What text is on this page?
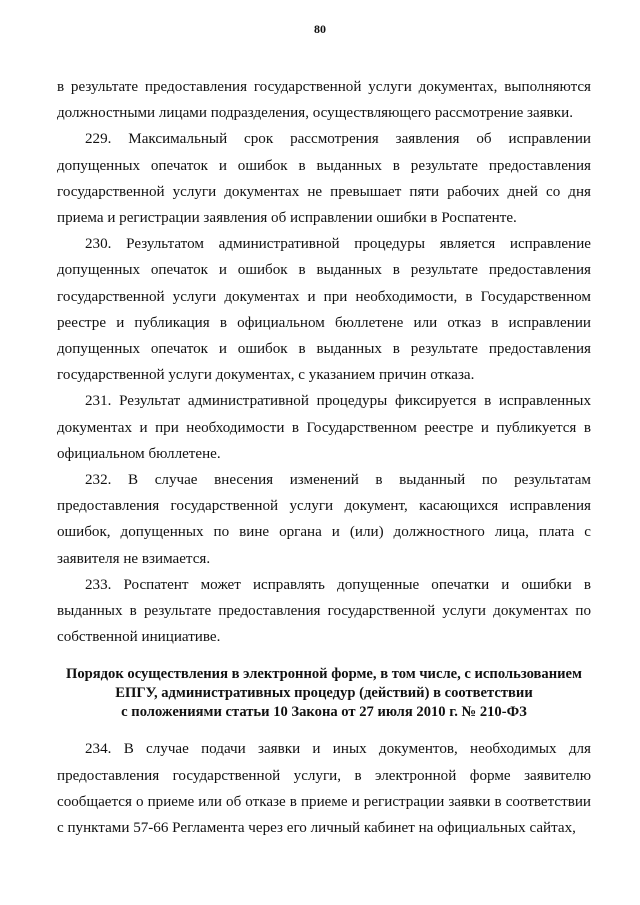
80

в результате предоставления государственной услуги документах, выполняются должностными лицами подразделения, осуществляющего рассмотрение заявки.

229. Максимальный срок рассмотрения заявления об исправлении допущенных опечаток и ошибок в выданных в результате предоставления государственной услуги документах не превышает пяти рабочих дней со дня приема и регистрации заявления об исправлении ошибки в Роспатенте.

230. Результатом административной процедуры является исправление допущенных опечаток и ошибок в выданных в результате предоставления государственной услуги документах и при необходимости, в Государственном реестре и публикация в официальном бюллетене или отказ в исправлении допущенных опечаток и ошибок в выданных в результате предоставления государственной услуги документах, с указанием причин отказа.

231. Результат административной процедуры фиксируется в исправленных документах и при необходимости в Государственном реестре и публикуется в официальном бюллетене.

232. В случае внесения изменений в выданный по результатам предоставления государственной услуги документ, касающихся исправления ошибок, допущенных по вине органа и (или) должностного лица, плата с заявителя не взимается.

233. Роспатент может исправлять допущенные опечатки и ошибки в выданных в результате предоставления государственной услуги документах по собственной инициативе.

Порядок осуществления в электронной форме, в том числе, с использованием
ЕПГУ, административных процедур (действий) в соответствии
с положениями статьи 10 Закона от 27 июля 2010 г. № 210-ФЗ

234. В случае подачи заявки и иных документов, необходимых для предоставления государственной услуги, в электронной форме заявителю сообщается о приеме или об отказе в приеме и регистрации заявки в соответствии с пунктами 57-66 Регламента через его личный кабинет на официальных сайтах,
